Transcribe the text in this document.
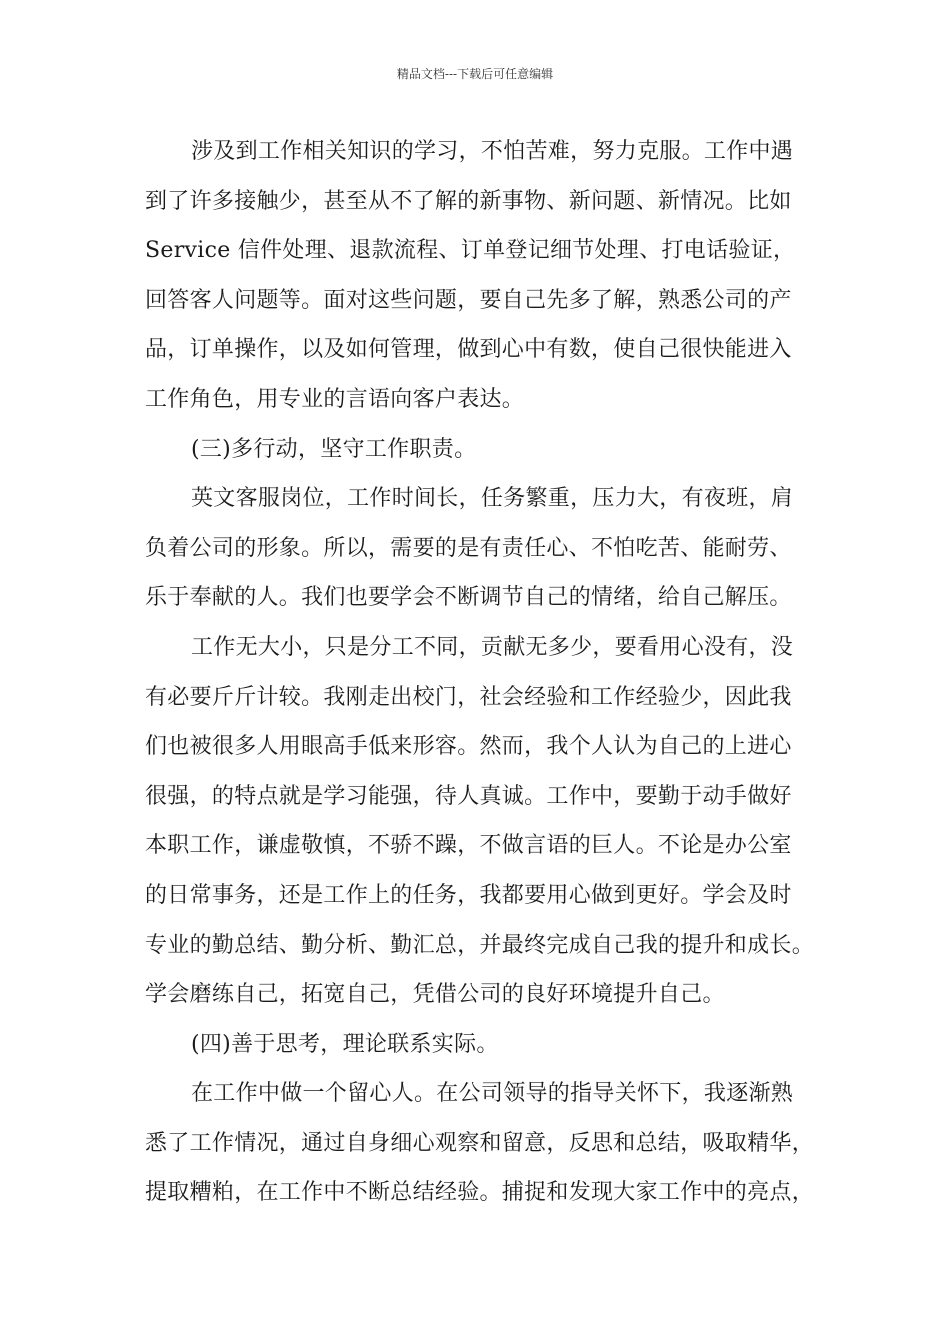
精品文档---下载后可任意编辑
涉及到工作相关知识的学习，不怕苦难，努力克服。工作中遇
到了许多接触少，甚至从不了解的新事物、新问题、新情况。比如
Service 信件处理、退款流程、订单登记细节处理、打电话验证，
回答客人问题等。面对这些问题，要自己先多了解，熟悉公司的产
品，订单操作，以及如何管理，做到心中有数，使自己很快能进入
工作角色，用专业的言语向客户表达。
(三)多行动，坚守工作职责。
英文客服岗位，工作时间长，任务繁重，压力大，有夜班，肩
负着公司的形象。所以，需要的是有责任心、不怕吃苦、能耐劳、
乐于奉献的人。我们也要学会不断调节自己的情绪，给自己解压。
工作无大小，只是分工不同，贡献无多少，要看用心没有，没
有必要斤斤计较。我刚走出校门，社会经验和工作经验少，因此我
们也被很多人用眼高手低来形容。然而，我个人认为自己的上进心
很强，的特点就是学习能强，待人真诚。工作中，要勤于动手做好
本职工作，谦虚敬慎，不骄不躁，不做言语的巨人。不论是办公室
的日常事务，还是工作上的任务，我都要用心做到更好。学会及时
专业的勤总结、勤分析、勤汇总，并最终完成自己我的提升和成长。
学会磨练自己，拓宽自己，凭借公司的良好环境提升自己。
(四)善于思考，理论联系实际。
在工作中做一个留心人。在公司领导的指导关怀下，我逐渐熟
悉了工作情况，通过自身细心观察和留意，反思和总结，吸取精华，
提取糟粕，在工作中不断总结经验。捕捉和发现大家工作中的亮点，
